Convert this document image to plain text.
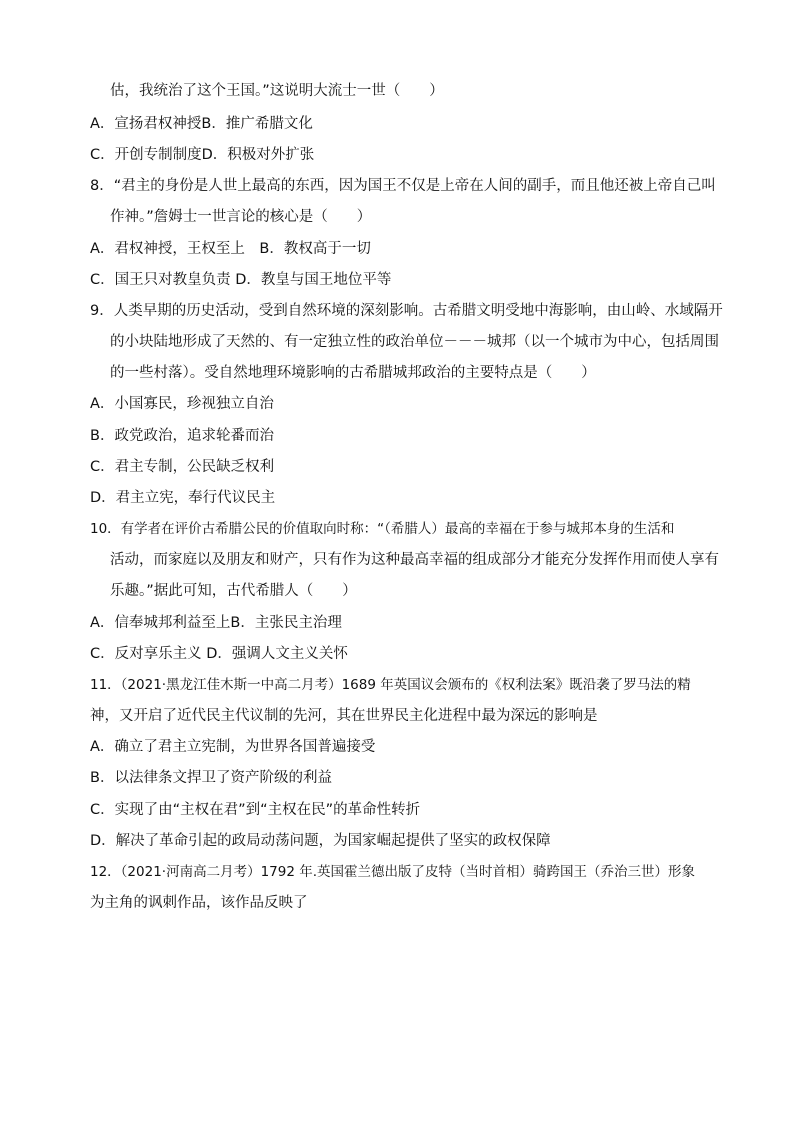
估，我统治了这个王国。”这说明大流士一世（　　）
A．宣扬君权神授B．推广希腊文化
C．开创专制制度D．积极对外扩张
8．“君主的身份是人世上最高的东西，因为国王不仅是上帝在人间的副手，而且他还被上帝自己叫
作神。”詹姆士一世言论的核心是（　　）
A．君权神授，王权至上　B．教权高于一切
C．国王只对教皇负责 D．教皇与国王地位平等
9．人类早期的历史活动，受到自然环境的深刻影响。古希腊文明受地中海影响，由山岭、水域隔开
的小块陆地形成了天然的、有一定独立性的政治单位－－－城邦（以一个城市为中心，包括周围
的一些村落）。受自然地理环境影响的古希腊城邦政治的主要特点是（　　）
A．小国寡民，珍视独立自治
B．政党政治，追求轮番而治
C．君主专制，公民缺乏权利
D．君主立宪，奉行代议民主
10．有学者在评价古希腊公民的价值取向时称：“（希腊人）最高的幸福在于参与城邦本身的生活和
活动，而家庭以及朋友和财产，只有作为这种最高幸福的组成部分才能充分发挥作用而使人享有
乐趣。”据此可知，古代希腊人（　　）
A．信奉城邦利益至上B．主张民主治理
C．反对享乐主义 D．强调人文主义关怀
11．（2021·黑龙江佳木斯一中高二月考）1689 年英国议会颁布的《权利法案》既沿袭了罗马法的精
神，又开启了近代民主代议制的先河，其在世界民主化进程中最为深远的影响是
A．确立了君主立宪制，为世界各国普遍接受
B．以法律条文捍卫了资产阶级的利益
C．实现了由“主权在君”到“主权在民”的革命性转折
D．解决了革命引起的政局动荡问题，为国家崛起提供了坚实的政权保障
12．（2021·河南高二月考）1792 年.英国霍兰德出版了皮特（当时首相）骑跨国王（乔治三世）形象
为主角的讽刺作品，该作品反映了
